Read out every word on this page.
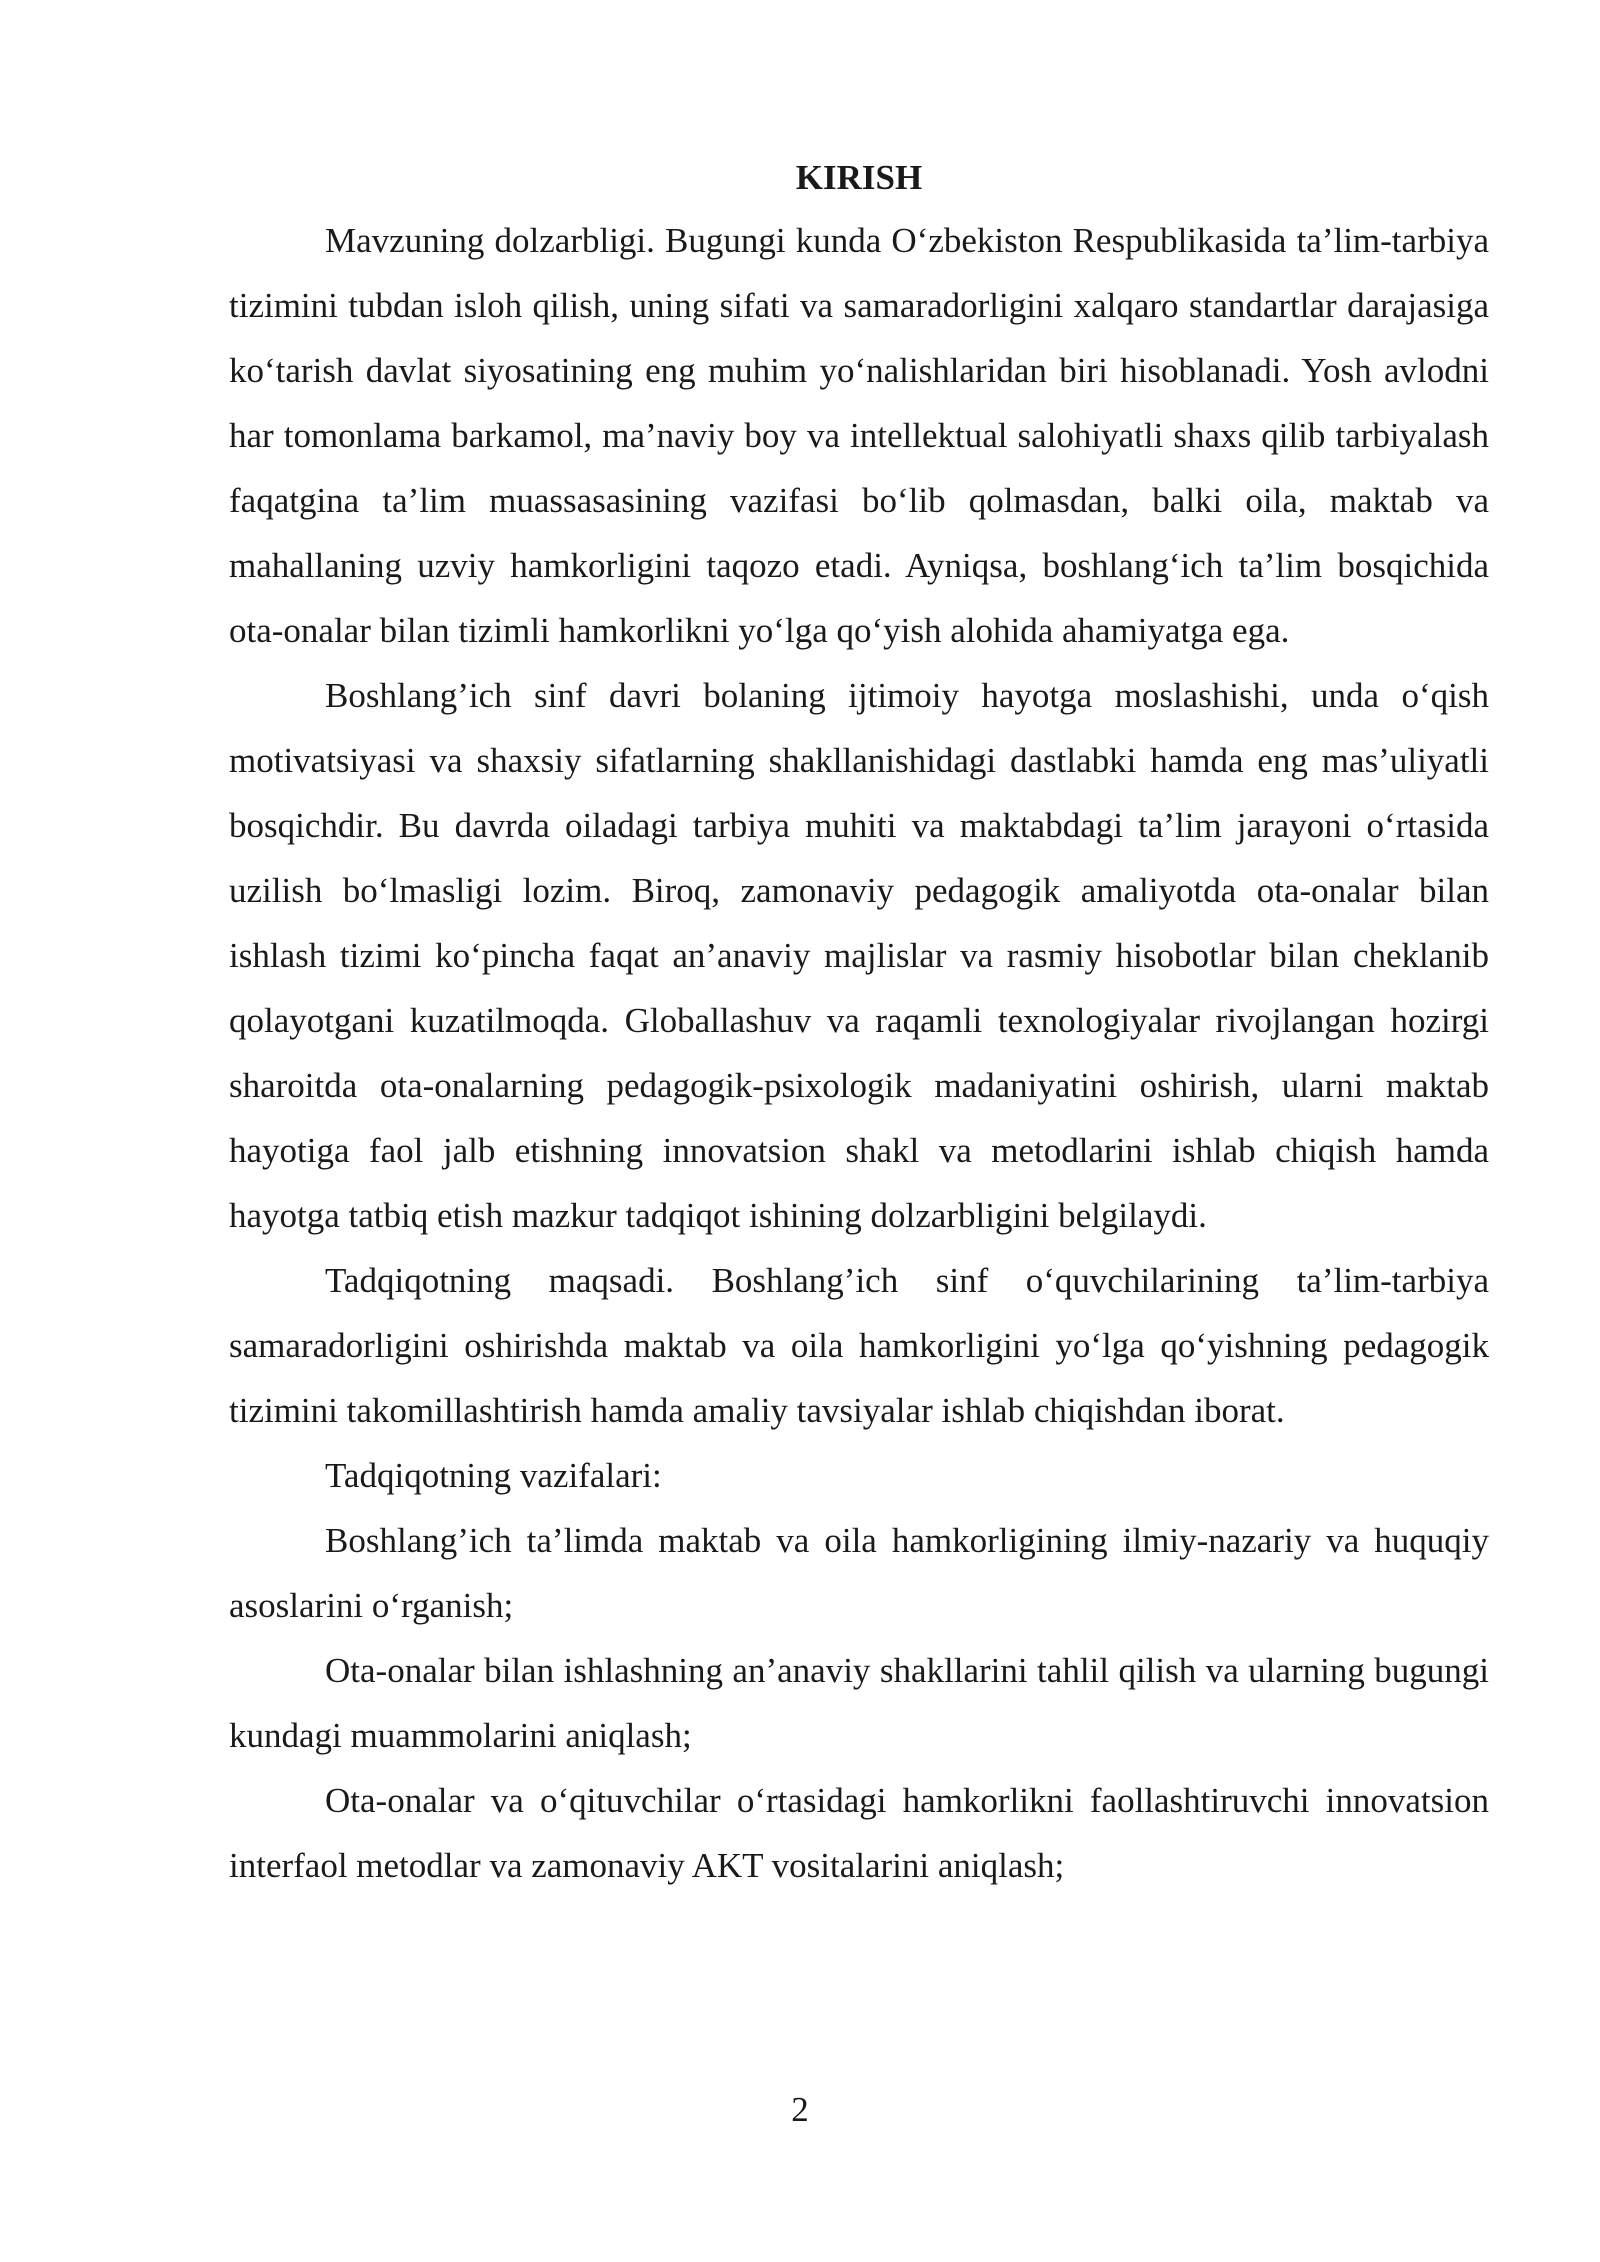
KIRISH

Mavzuning dolzarbligi. Bugungi kunda O‘zbekiston Respublikasida ta’lim-tarbiya tizimini tubdan isloh qilish, uning sifati va samaradorligini xalqaro standartlar darajasiga ko‘tarish davlat siyosatining eng muhim yo‘nalishlaridan biri hisoblanadi. Yosh avlodni har tomonlama barkamol, ma’naviy boy va intellektual salohiyatli shaxs qilib tarbiyalash faqatgina ta’lim muassasasining vazifasi bo‘lib qolmasdan, balki oila, maktab va mahallaning uzviy hamkorligini taqozo etadi. Ayniqsa, boshlang‘ich ta’lim bosqichida ota-onalar bilan tizimli hamkorlikni yo‘lga qo‘yish alohida ahamiyatga ega.

Boshlang’ich sinf davri bolaning ijtimoiy hayotga moslashishi, unda o‘qish motivatsiyasi va shaxsiy sifatlarning shakllanishidagi dastlabki hamda eng mas’uliyatli bosqichdir. Bu davrda oiladagi tarbiya muhiti va maktabdagi ta’lim jarayoni o‘rtasida uzilish bo‘lmasligi lozim. Biroq, zamonaviy pedagogik amaliyotda ota-onalar bilan ishlash tizimi ko‘pincha faqat an’anaviy majlislar va rasmiy hisobotlar bilan cheklanib qolayotgani kuzatilmoqda. Globallashuv va raqamli texnologiyalar rivojlangan hozirgi sharoitda ota-onalarning pedagogik-psixologik madaniyatini oshirish, ularni maktab hayotiga faol jalb etishning innovatsion shakl va metodlarini ishlab chiqish hamda hayotga tatbiq etish mazkur tadqiqot ishining dolzarbligini belgilaydi.

Tadqiqotning maqsadi. Boshlang’ich sinf o‘quvchilarining ta’lim-tarbiya samaradorligini oshirishda maktab va oila hamkorligini yo‘lga qo‘yishning pedagogik tizimini takomillashtirish hamda amaliy tavsiyalar ishlab chiqishdan iborat.

Tadqiqotning vazifalari:

Boshlang’ich ta’limda maktab va oila hamkorligining ilmiy-nazariy va huquqiy asoslarini o‘rganish;

Ota-onalar bilan ishlashning an’anaviy shakllarini tahlil qilish va ularning bugungi kundagi muammolarini aniqlash;

Ota-onalar va o‘qituvchilar o‘rtasidagi hamkorlikni faollashtiruvchi innovatsion interfaol metodlar va zamonaviy AKT vositalarini aniqlash;

2
